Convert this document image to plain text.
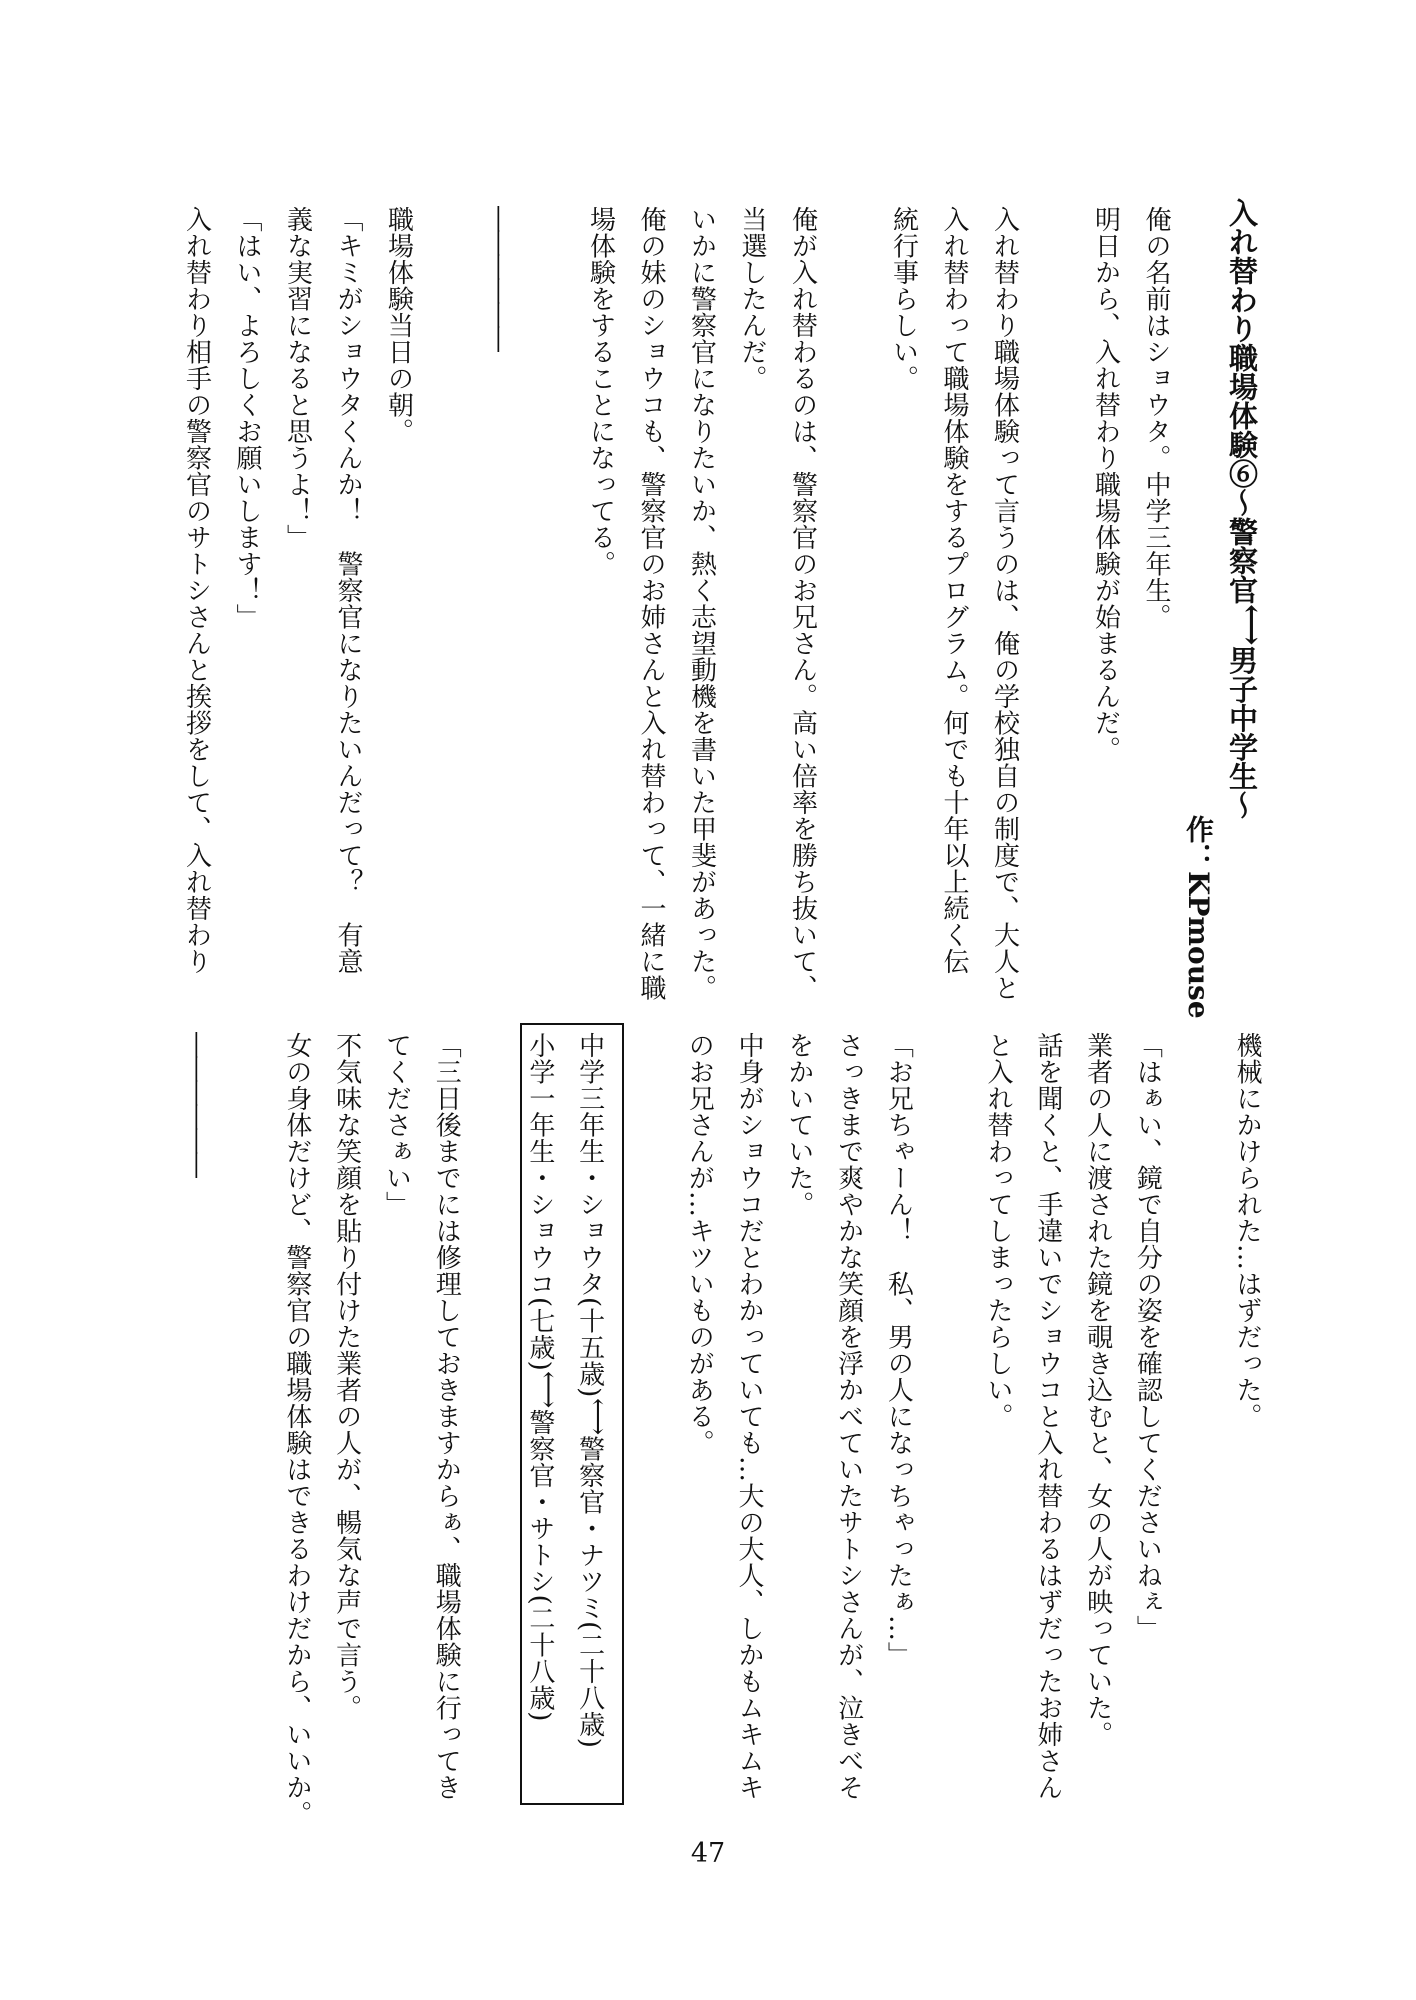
入れ替わり職場体験⑥～警察官⟷男子中学生～
作：KPmouse
俺の名前はショウタ。中学三年生。
明日から、入れ替わり職場体験が始まるんだ。

入れ替わり職場体験って言うのは、俺の学校独自の制度で、大人と
入れ替わって職場体験をするプログラム。何でも十年以上続く伝
統行事らしい。

俺が入れ替わるのは、警察官のお兄さん。高い倍率を勝ち抜いて、
当選したんだ。
いかに警察官になりたいか、熱く志望動機を書いた甲斐があった。
俺の妹のショウコも、警察官のお姉さんと入れ替わって、一緒に職
場体験をすることになってる。

――――――

職場体験当日の朝。
「キミがショウタくんか！　警察官になりたいんだって？　有意
義な実習になると思うよ！」
「はい、よろしくお願いします！」
入れ替わり相手の警察官のサトシさんと挨拶をして、入れ替わり
機械にかけられた…はずだった。

「はぁい、鏡で自分の姿を確認してくださいねぇ」
業者の人に渡された鏡を覗き込むと、女の人が映っていた。
話を聞くと、手違いでショウコと入れ替わるはずだったお姉さん
と入れ替わってしまったらしい。

「お兄ちゃーん！　私、男の人になっちゃったぁ…」
さっきまで爽やかな笑顔を浮かべていたサトシさんが、泣きべそ
をかいていた。
中身がショウコだとわかっていても…大の大人、しかもムキムキ
のお兄さんが…キツいものがある。

中学三年生・ショウタ(十五歳)⟷警察官・ナツミ(二十八歳)
小学一年生・ショウコ(七歳)⟷警察官・サトシ(二十八歳)

「三日後までには修理しておきますからぁ、職場体験に行ってき
てくださぁい」
不気味な笑顔を貼り付けた業者の人が、暢気な声で言う。
女の身体だけど、警察官の職場体験はできるわけだから、いいか。

――――――
47
